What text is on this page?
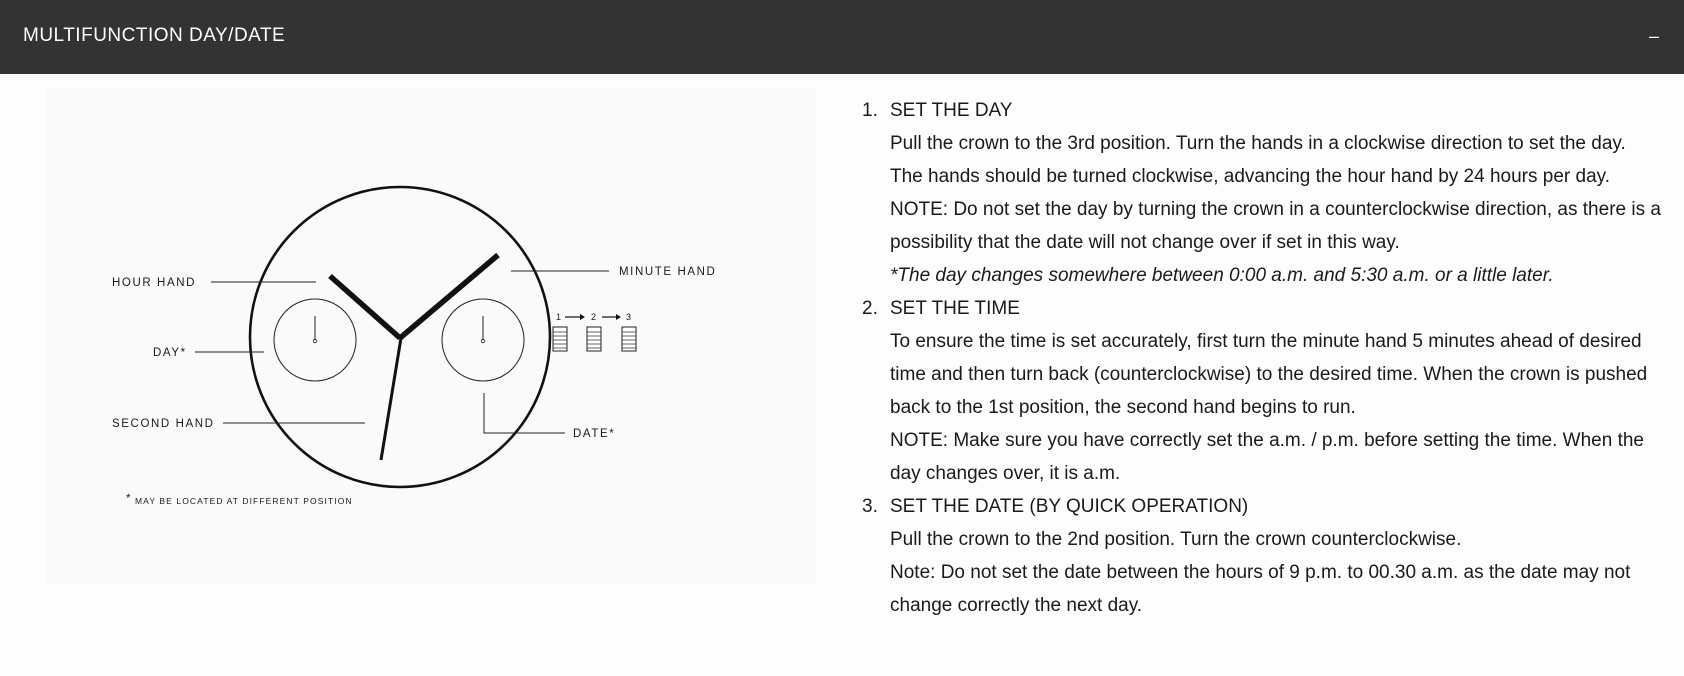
MULTIFUNCTION DAY/DATE	–
HOUR HAND
MINUTE HAND
DAY*
SECOND HAND
DATE*
* MAY BE LOCATED AT DIFFERENT POSITION
1	2	3
1. SET THE DAY

Pull the crown to the 3rd position. Turn the hands in a clockwise direction to set the day. The hands should be turned clockwise, advancing the hour hand by 24 hours per day.

NOTE: Do not set the day by turning the crown in a counterclockwise direction, as there is a possibility that the date will not change over if set in this way.

*The day changes somewhere between 0:00 a.m. and 5:30 a.m. or a little later.

2. SET THE TIME

To ensure the time is set accurately, first turn the minute hand 5 minutes ahead of desired time and then turn back (counterclockwise) to the desired time. When the crown is pushed back to the 1st position, the second hand begins to run.

NOTE: Make sure you have correctly set the a.m. / p.m. before setting the time. When the day changes over, it is a.m.

3. SET THE DATE (BY QUICK OPERATION)

Pull the crown to the 2nd position. Turn the crown counterclockwise.

Note: Do not set the date between the hours of 9 p.m. to 00.30 a.m. as the date may not change correctly the next day.
